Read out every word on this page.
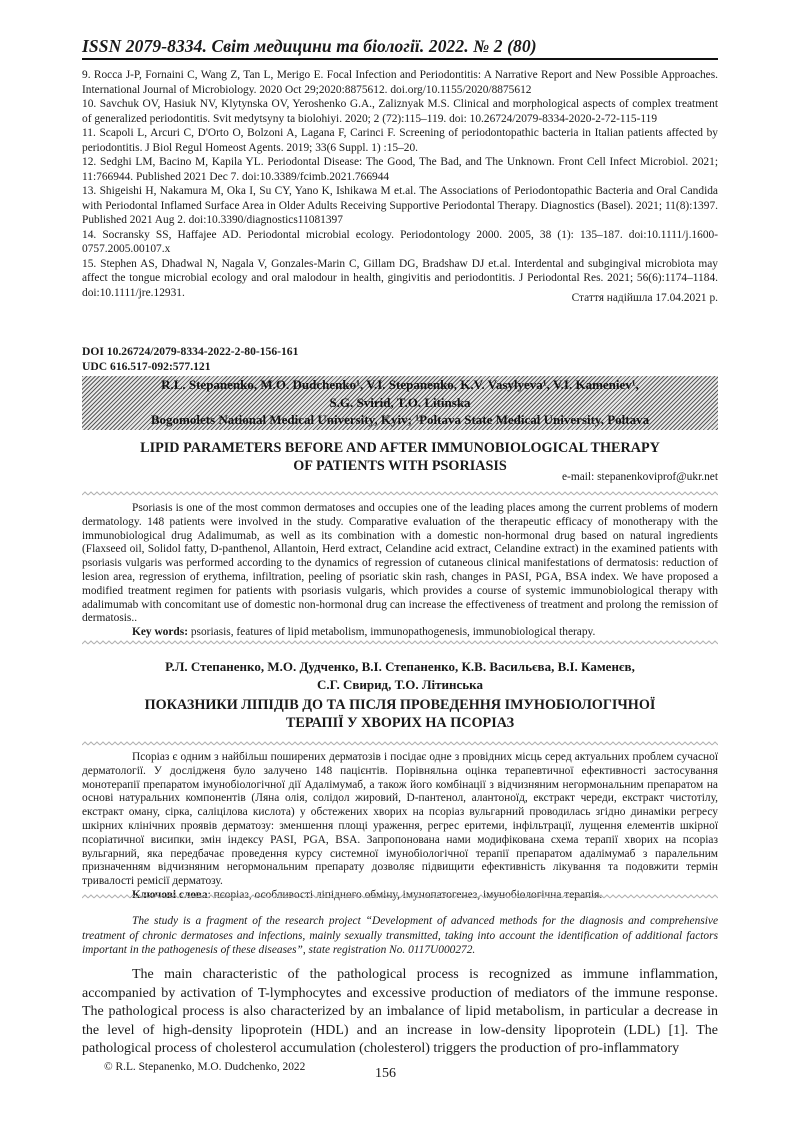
ISSN 2079-8334. Світ медицини та біології. 2022. № 2 (80)

9. Rocca J-P, Fornaini C, Wang Z, Tan L, Merigo E. Focal Infection and Periodontitis: A Narrative Report and New Possible Approaches. International Journal of Microbiology. 2020 Oct 29;2020:8875612. doi.org/10.1155/2020/8875612

10. Savchuk OV, Hasiuk NV, Klytynska OV, Yeroshenko G.A., Zaliznyak M.S. Clinical and morphological aspects of complex treatment of generalized periodontitis. Svit medytsyny ta biolohiyi. 2020; 2 (72):115–119. doi: 10.26724/2079-8334-2020-2-72-115-119

11. Scapoli L, Arcuri C, D'Orto O, Bolzoni A, Lagana F, Carinci F. Screening of periodontopathic bacteria in Italian patients affected by periodontitis. J Biol Regul Homeost Agents. 2019; 33(6 Suppl. 1) :15–20.

12. Sedghi LM, Bacino M, Kapila YL. Periodontal Disease: The Good, The Bad, and The Unknown. Front Cell Infect Microbiol. 2021; 11:766944. Published 2021 Dec 7. doi:10.3389/fcimb.2021.766944

13. Shigeishi H, Nakamura M, Oka I, Su CY, Yano K, Ishikawa M et.al. The Associations of Periodontopathic Bacteria and Oral Candida with Periodontal Inflamed Surface Area in Older Adults Receiving Supportive Periodontal Therapy. Diagnostics (Basel). 2021; 11(8):1397. Published 2021 Aug 2. doi:10.3390/diagnostics11081397

14. Socransky SS, Haffajee AD. Periodontal microbial ecology. Periodontology 2000. 2005, 38 (1): 135–187. doi:10.1111/j.1600-0757.2005.00107.x

15. Stephen AS, Dhadwal N, Nagala V, Gonzales-Marin C, Gillam DG, Bradshaw DJ et.al. Interdental and subgingival microbiota may affect the tongue microbial ecology and oral malodour in health, gingivitis and periodontitis. J Periodontal Res. 2021; 56(6):1174–1184. doi:10.1111/jre.12931.	Стаття надійшла 17.04.2021 р.
DOI 10.26724/2079-8334-2022-2-80-156-161
UDC 616.517-092:577.121
R.L. Stepanenko, M.O. Dudchenko¹, V.I. Stepanenko, K.V. Vasylyeva¹, V.I. Kameniev¹,
S.G. Svirid, T.O. Litinska
Bogomolets National Medical University, Kyiv; ¹Poltava State Medical University, Poltava
LIPID PARAMETERS BEFORE AND AFTER IMMUNOBIOLOGICAL THERAPY
OF PATIENTS WITH PSORIASIS
e-mail: stepanenkoviprof@ukr.net

Psoriasis is one of the most common dermatoses and occupies one of the leading places among the current problems of modern dermatology. 148 patients were involved in the study. Comparative evaluation of the therapeutic efficacy of monotherapy with the immunobiological drug Adalimumab, as well as its combination with a domestic non-hormonal drug based on natural ingredients (Flaxseed oil, Solidol fatty, D-panthenol, Allantoin, Herd extract, Celandine acid extract, Celandine extract) in the examined patients with psoriasis vulgaris was performed according to the dynamics of regression of cutaneous clinical manifestations of dermatosis: reduction of lesion area, regression of erythema, infiltration, peeling of psoriatic skin rash, changes in PASI, PGA, BSA index. We have proposed a modified treatment regimen for patients with psoriasis vulgaris, which provides a course of systemic immunobiological therapy with adalimumab with concomitant use of domestic non-hormonal drug can increase the effectiveness of treatment and prolong the remission of dermatosis..

Key words: psoriasis, features of lipid metabolism, immunopathogenesis, immunobiological therapy.

Р.Л. Степаненко, М.О. Дудченко, В.І. Степаненко, К.В. Васильєва, В.І. Каменєв,
С.Г. Свирид, Т.О. Літинська
ПОКАЗНИКИ ЛІПІДІВ ДО ТА ПІСЛЯ ПРОВЕДЕННЯ ІМУНОБІОЛОГІЧНОЇ
ТЕРАПІЇ У ХВОРИХ НА ПСОРІАЗ

Псоріаз є одним з найбільш поширених дерматозів і посідає одне з провідних місць серед актуальних проблем сучасної дерматології. У дослідженя було залучено 148 пацієнтів. Порівняльна оцінка терапевтичної ефективності застосування монотерапії препаратом імунобіологічної дії Адалімумаб, а також його комбінації з відчизняним негормональним препаратом на основі натуральних компонентів (Ляна олія, солідол жировий, D-пантенол, алантоноїд, екстракт череди, екстракт чистотілу, екстракт оману, сірка, саліцілова кислота) у обстежених хворих на псоріаз вульгарний проводилась згідно динаміки регресу шкірних клінічних проявів дерматозу: зменшення площі ураження, регрес еритеми, інфільтрації, лущення елементів шкірної псоріатичної висипки, змін індексу PASI, PGA, BSA. Запропонована нами модифікована схема терапії хворих на псоріаз вульгарний, яка передбачає проведення курсу системної імунобіологічної терапії препаратом адалімумаб з паралельним призначенням відчизняним негормональним препарату дозволяє підвищити ефективність лікування та подовжити термін тривалості ремісії дерматозу.

The study is a fragment of the research project “Development of advanced methods for the diagnosis and comprehensive treatment of chronic dermatoses and infections, mainly sexually transmitted, taking into account the identification of additional factors important in the pathogenesis of these diseases”, state registration No. 0117U000272.

The main characteristic of the pathological process is recognized as immune inflammation, accompanied by activation of T-lymphocytes and excessive production of mediators of the immune response. The pathological process is also characterized by an imbalance of lipid metabolism, in particular a decrease in the level of high-density lipoprotein (HDL) and an increase in low-density lipoprotein (LDL) [1]. The pathological process of cholesterol accumulation (cholesterol) triggers the production of pro-inflammatory

© R.L. Stepanenko, M.O. Dudchenko, 2022	156
